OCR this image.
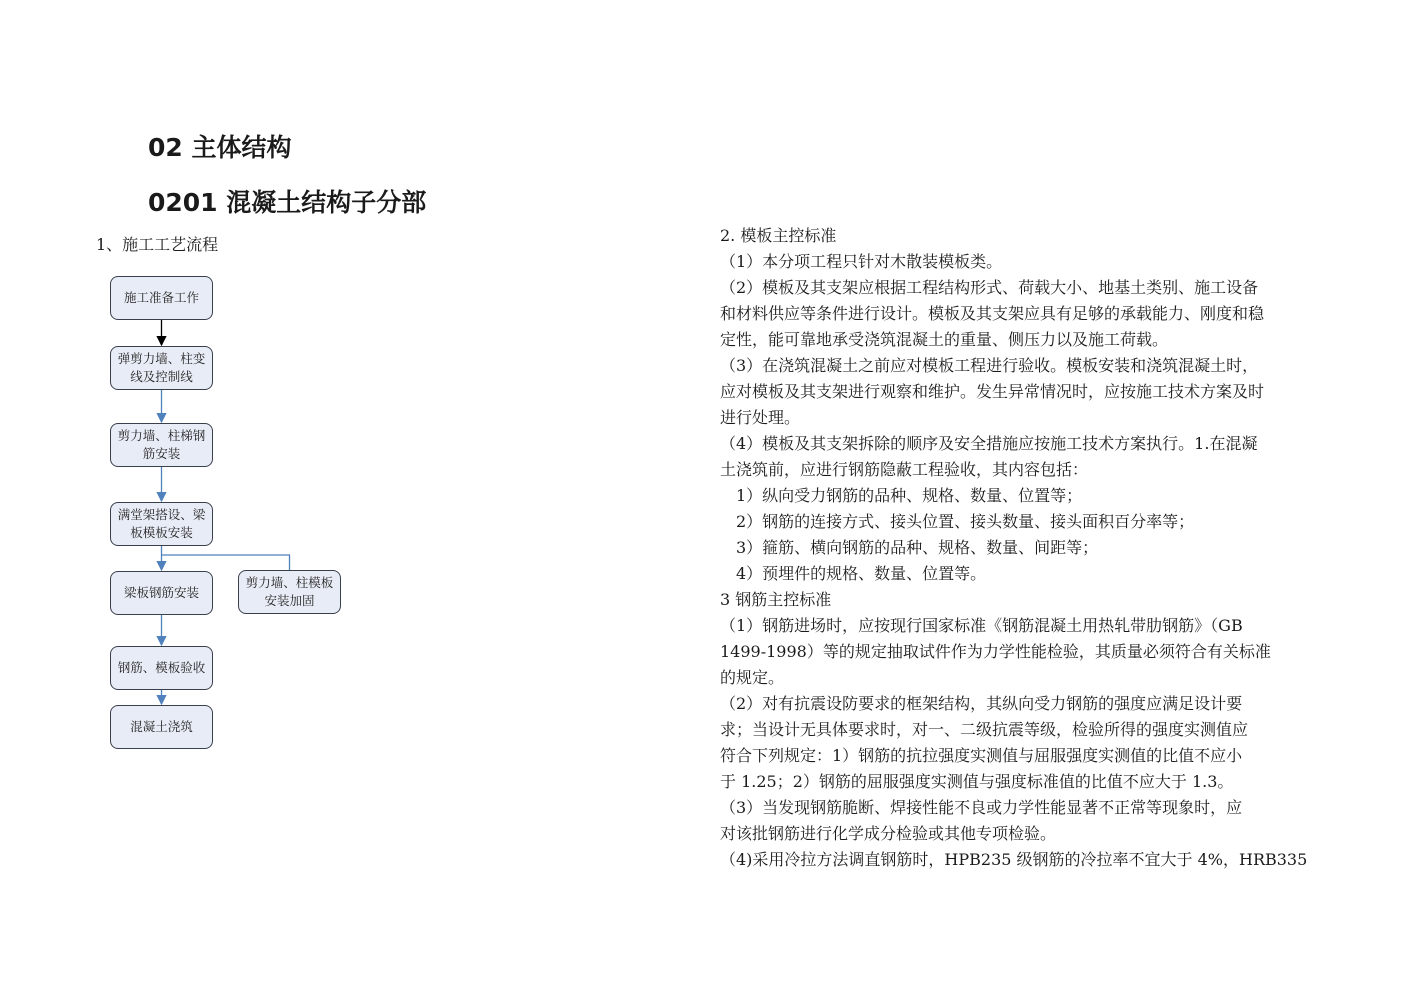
02 主体结构
0201 混凝土结构子分部
1、施工工艺流程
施工准备工作
弹剪力墙、柱变线及控制线
剪力墙、柱梯钢筋安装
满堂架搭设、梁板模板安装
梁板钢筋安装
剪力墙、柱模板安装加固
钢筋、模板验收
混凝土浇筑
2. 模板主控标准
（1）本分项工程只针对木散装模板类。
（2）模板及其支架应根据工程结构形式、荷载大小、地基土类别、施工设备
和材料供应等条件进行设计。模板及其支架应具有足够的承载能力、刚度和稳
定性，能可靠地承受浇筑混凝土的重量、侧压力以及施工荷载。
（3）在浇筑混凝土之前应对模板工程进行验收。模板安装和浇筑混凝土时，
应对模板及其支架进行观察和维护。发生异常情况时，应按施工技术方案及时
进行处理。
（4）模板及其支架拆除的顺序及安全措施应按施工技术方案执行。1.在混凝
土浇筑前，应进行钢筋隐蔽工程验收，其内容包括：
1）纵向受力钢筋的品种、规格、数量、位置等；
2）钢筋的连接方式、接头位置、接头数量、接头面积百分率等；
3）箍筋、横向钢筋的品种、规格、数量、间距等；
4）预埋件的规格、数量、位置等。
3 钢筋主控标准
（1）钢筋进场时，应按现行国家标准《钢筋混凝土用热轧带肋钢筋》（GB
1499-1998）等的规定抽取试件作为力学性能检验，其质量必须符合有关标准
的规定。
（2）对有抗震设防要求的框架结构，其纵向受力钢筋的强度应满足设计要
求；当设计无具体要求时，对一、二级抗震等级，检验所得的强度实测值应
符合下列规定：1）钢筋的抗拉强度实测值与屈服强度实测值的比值不应小
于 1.25；2）钢筋的屈服强度实测值与强度标准值的比值不应大于 1.3。
（3）当发现钢筋脆断、焊接性能不良或力学性能显著不正常等现象时，应
对该批钢筋进行化学成分检验或其他专项检验。
（4)采用冷拉方法调直钢筋时，HPB235 级钢筋的冷拉率不宜大于 4%，HRB335
